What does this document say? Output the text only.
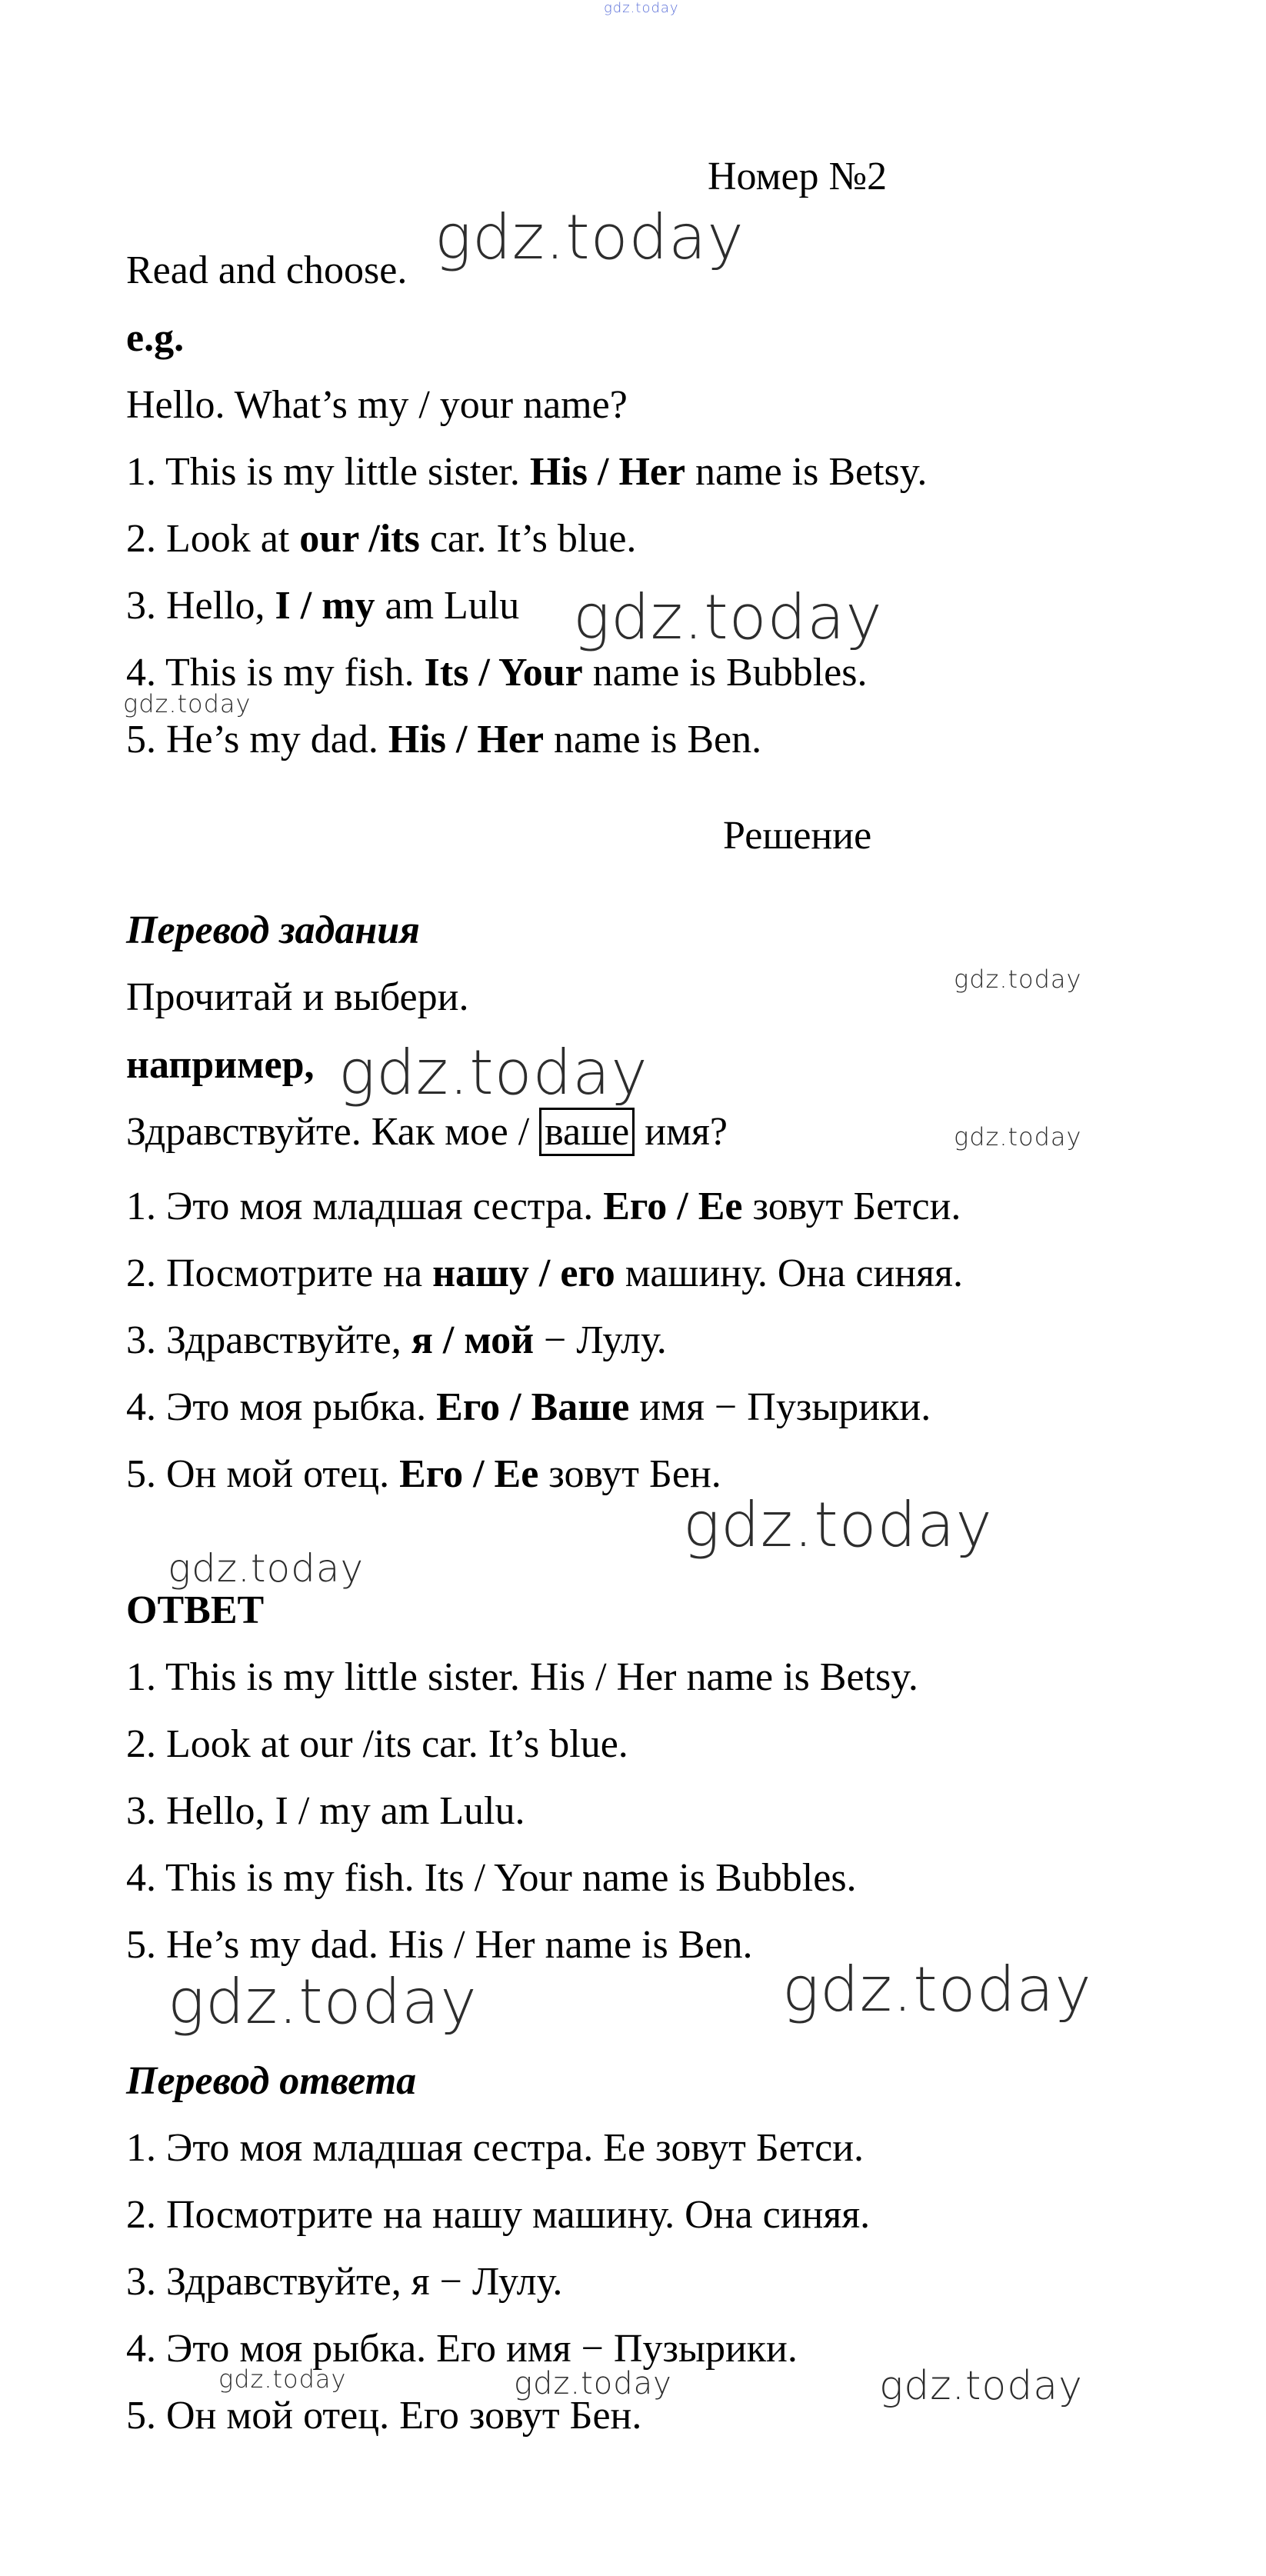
gdz.today
Номер №2
Read and choose.
e.g.
Hello. What’s my / your name?
1. This is my little sister. His / Her name is Betsy.
2. Look at our /its car. It’s blue.
3. Hello, I / my am Lulu
4. This is my fish. Its / Your name is Bubbles.
5. He’s my dad. His / Her name is Ben.
Решение
Перевод задания
Прочитай и выбери.
например,
Здравствуйте. Как мое / ваше имя?
1. Это моя младшая сестра. Его / Ее зовут Бетси.
2. Посмотрите на нашу / его машину. Она синяя.
3. Здравствуйте, я / мой − Лулу.
4. Это моя рыбка. Его / Ваше имя − Пузырики.
5. Он мой отец. Его / Ее зовут Бен.
ОТВЕТ
1. This is my little sister. His / Her name is Betsy.
2. Look at our /its car. It’s blue.
3. Hello, I / my am Lulu.
4. This is my fish. Its / Your name is Bubbles.
5. He’s my dad. His / Her name is Ben.
Перевод ответа
1. Это моя младшая сестра. Ее зовут Бетси.
2. Посмотрите на нашу машину. Она синяя.
3. Здравствуйте, я − Лулу.
4. Это моя рыбка. Его имя − Пузырики.
5. Он мой отец. Его зовут Бен.
gdz.today
gdz.today
gdz.today
gdz.today
gdz.today
gdz.today
gdz.today
gdz.today
gdz.today	gdz.today
gdz.today	gdz.today	gdz.today
